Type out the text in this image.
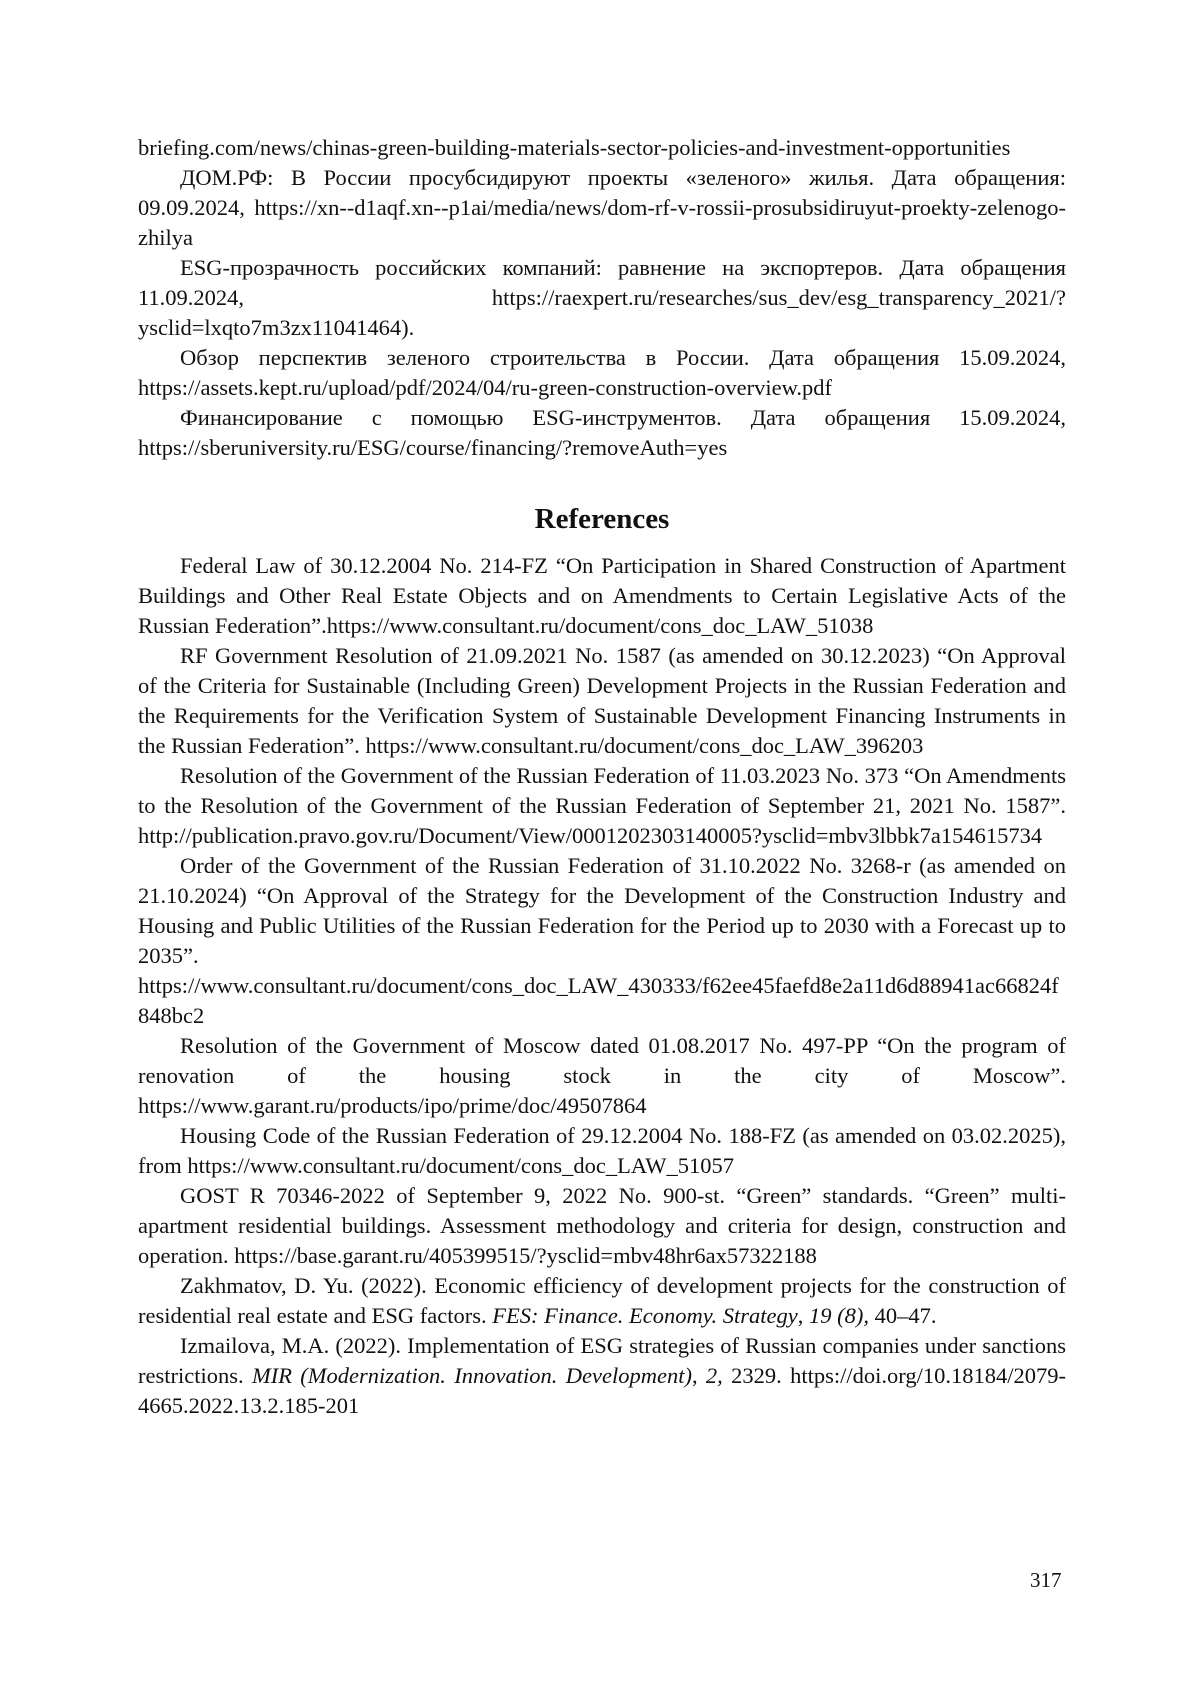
briefing.com/news/chinas-green-building-materials-sector-policies-and-investment-opportunities

ДОМ.РФ: В России просубсидируют проекты «зеленого» жилья. Дата обращения: 09.09.2024, https://xn--d1aqf.xn--p1ai/media/news/dom-rf-v-rossii-prosubsidiruyut-proekty-zelenogo-zhilya

ESG-прозрачность российских компаний: равнение на экспортеров. Дата обращения 11.09.2024, https://raexpert.ru/researches/sus_dev/esg_transparency_2021/?ysclid=lxqto7m3zx11041464).

Обзор перспектив зеленого строительства в России. Дата обращения 15.09.2024, https://assets.kept.ru/upload/pdf/2024/04/ru-green-construction-overview.pdf

Финансирование с помощью ESG-инструментов. Дата обращения 15.09.2024, https://sberuniversity.ru/ESG/course/financing/?removeAuth=yes

References

Federal Law of 30.12.2004 No. 214-FZ “On Participation in Shared Construction of Apartment Buildings and Other Real Estate Objects and on Amendments to Certain Legislative Acts of the Russian Federation”.https://www.consultant.ru/document/cons_doc_LAW_51038

RF Government Resolution of 21.09.2021 No. 1587 (as amended on 30.12.2023) “On Approval of the Criteria for Sustainable (Including Green) Development Projects in the Russian Federation and the Requirements for the Verification System of Sustainable Development Financing Instruments in the Russian Federation”. https://www.consultant.ru/document/cons_doc_LAW_396203

Resolution of the Government of the Russian Federation of 11.03.2023 No. 373 “On Amendments to the Resolution of the Government of the Russian Federation of September 21, 2021 No. 1587”. http://publication.pravo.gov.ru/Document/View/0001202303140005?ysclid=mbv3lbbk7a154615734

Order of the Government of the Russian Federation of 31.10.2022 No. 3268-r (as amended on 21.10.2024) “On Approval of the Strategy for the Development of the Construction Industry and Housing and Public Utilities of the Russian Federation for the Period up to 2030 with a Forecast up to 2035”. https://www.consultant.ru/document/cons_doc_LAW_430333/f62ee45faefd8e2a11d6d88941ac66824f848bc2

Resolution of the Government of Moscow dated 01.08.2017 No. 497-PP “On the program of renovation of the housing stock in the city of Moscow”. https://www.garant.ru/products/ipo/prime/doc/49507864

Housing Code of the Russian Federation of 29.12.2004 No. 188-FZ (as amended on 03.02.2025), from https://www.consultant.ru/document/cons_doc_LAW_51057

GOST R 70346-2022 of September 9, 2022 No. 900-st. “Green” standards. “Green” multi-apartment residential buildings. Assessment methodology and criteria for design, construction and operation. https://base.garant.ru/405399515/?ysclid=mbv48hr6ax57322188

Zakhmatov, D. Yu. (2022). Economic efficiency of development projects for the construction of residential real estate and ESG factors. FES: Finance. Economy. Strategy, 19 (8), 40–47.

Izmailova, M.A. (2022). Implementation of ESG strategies of Russian companies under sanctions restrictions. MIR (Modernization. Innovation. Development), 2, 2329. https://doi.org/10.18184/2079-4665.2022.13.2.185-201

317
